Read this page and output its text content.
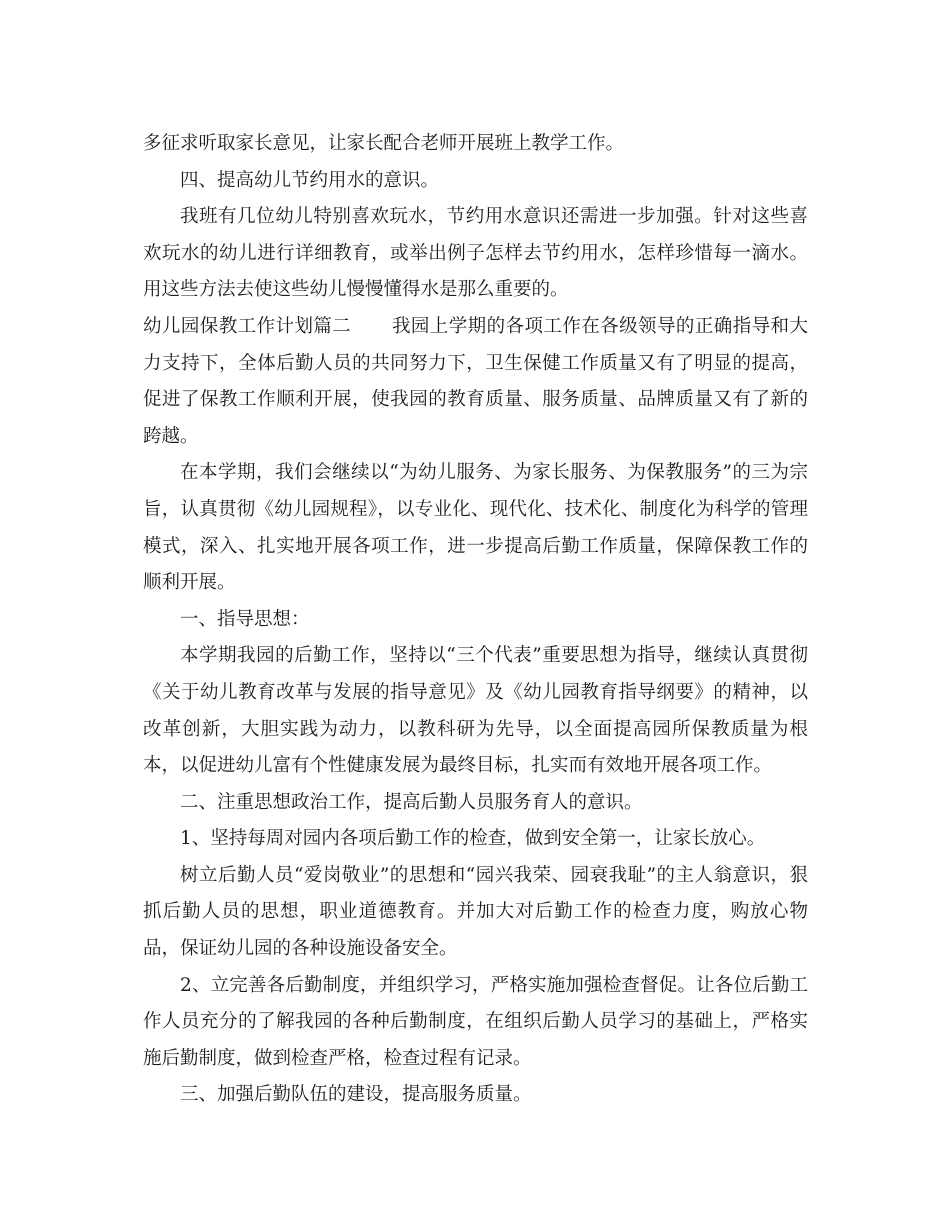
多征求听取家长意见，让家长配合老师开展班上教学工作。

四、提高幼儿节约用水的意识。

我班有几位幼儿特别喜欢玩水，节约用水意识还需进一步加强。针对这些喜欢玩水的幼儿进行详细教育，或举出例子怎样去节约用水，怎样珍惜每一滴水。用这些方法去使这些幼儿慢慢懂得水是那么重要的。

幼儿园保教工作计划篇二 我园上学期的各项工作在各级领导的正确指导和大力支持下，全体后勤人员的共同努力下，卫生保健工作质量又有了明显的提高，促进了保教工作顺利开展，使我园的教育质量、服务质量、品牌质量又有了新的跨越。

在本学期，我们会继续以“为幼儿服务、为家长服务、为保教服务”的三为宗旨，认真贯彻《幼儿园规程》，以专业化、现代化、技术化、制度化为科学的管理模式，深入、扎实地开展各项工作，进一步提高后勤工作质量，保障保教工作的顺利开展。

一、指导思想：

本学期我园的后勤工作，坚持以“三个代表”重要思想为指导，继续认真贯彻《关于幼儿教育改革与发展的指导意见》及《幼儿园教育指导纲要》的精神，以改革创新，大胆实践为动力，以教科研为先导，以全面提高园所保教质量为根本，以促进幼儿富有个性健康发展为最终目标，扎实而有效地开展各项工作。

二、注重思想政治工作，提高后勤人员服务育人的意识。

1、坚持每周对园内各项后勤工作的检查，做到安全第一，让家长放心。

树立后勤人员“爱岗敬业”的思想和“园兴我荣、园衰我耻”的主人翁意识，狠抓后勤人员的思想，职业道德教育。并加大对后勤工作的检查力度，购放心物品，保证幼儿园的各种设施设备安全。

2、立完善各后勤制度，并组织学习，严格实施加强检查督促。让各位后勤工作人员充分的了解我园的各种后勤制度，在组织后勤人员学习的基础上，严格实施后勤制度，做到检查严格，检查过程有记录。

三、加强后勤队伍的建设，提高服务质量。
